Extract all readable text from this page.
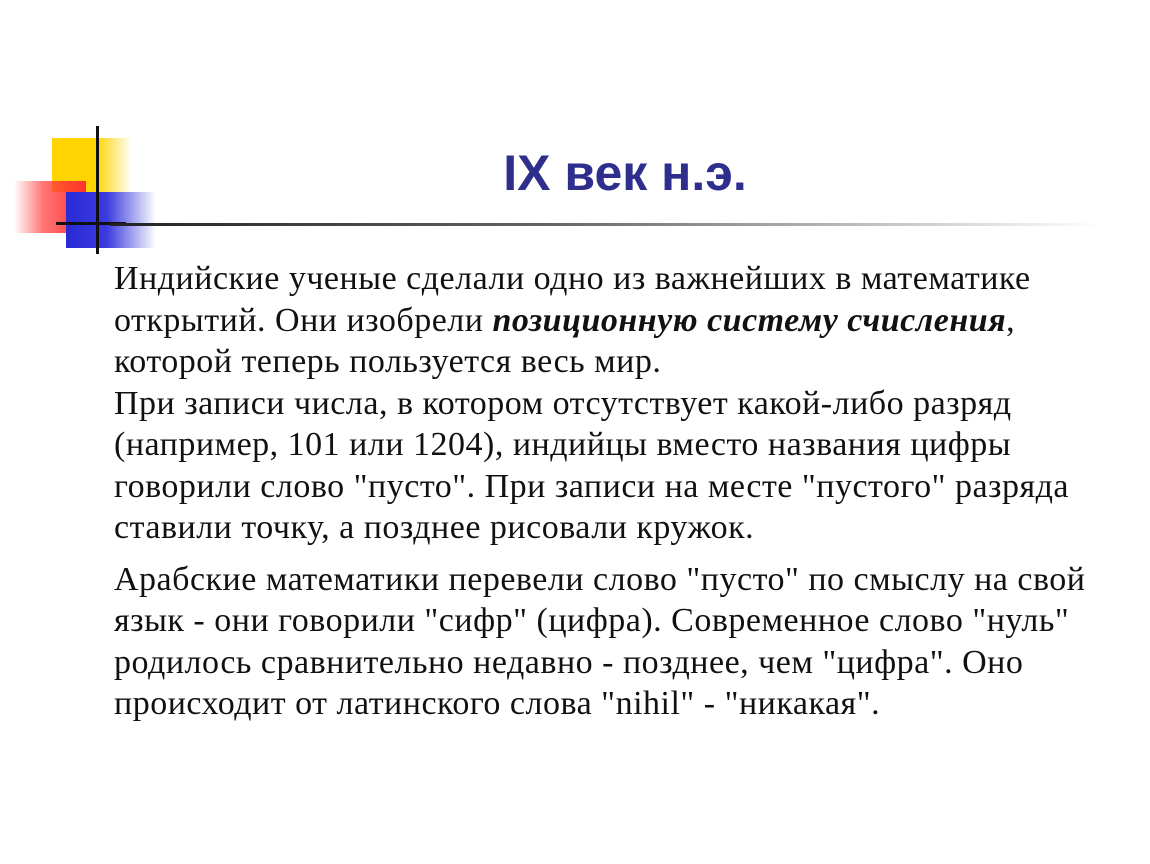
IX век н.э.

Индийские ученые сделали одно из важнейших в математике открытий. Они изобрели позиционную систему счисления, которой теперь пользуется весь мир.

При записи числа, в котором отсутствует какой-либо разряд (например, 101 или 1204), индийцы вместо названия цифры говорили слово "пусто". При записи на месте "пустого" разряда ставили точку, а позднее рисовали кружок.

Арабские математики перевели слово "пусто" по смыслу на свой язык - они говорили "сифр" (цифра). Современное слово "нуль" родилось сравнительно недавно - позднее, чем "цифра". Оно происходит от латинского слова "nihil" - "никакая".
